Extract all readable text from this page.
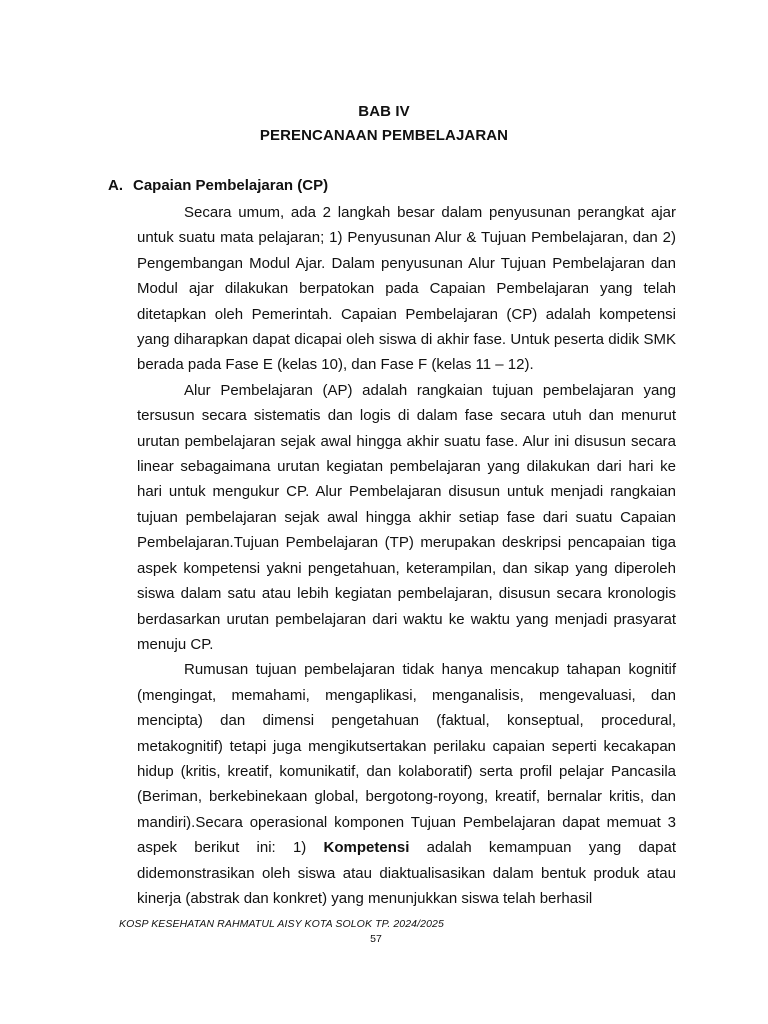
BAB IV
PERENCANAAN PEMBELAJARAN
A. Capaian Pembelajaran (CP)

Secara umum, ada 2 langkah besar dalam penyusunan perangkat ajar untuk suatu mata pelajaran; 1) Penyusunan Alur & Tujuan Pembelajaran, dan 2) Pengembangan Modul Ajar. Dalam penyusunan Alur Tujuan Pembelajaran dan Modul ajar dilakukan berpatokan pada Capaian Pembelajaran yang telah ditetapkan oleh Pemerintah. Capaian Pembelajaran (CP) adalah kompetensi yang diharapkan dapat dicapai oleh siswa di akhir fase. Untuk peserta didik SMK berada pada Fase E (kelas 10), dan Fase F (kelas 11 – 12).

Alur Pembelajaran (AP) adalah rangkaian tujuan pembelajaran yang tersusun secara sistematis dan logis di dalam fase secara utuh dan menurut urutan pembelajaran sejak awal hingga akhir suatu fase. Alur ini disusun secara linear sebagaimana urutan kegiatan pembelajaran yang dilakukan dari hari ke hari untuk mengukur CP. Alur Pembelajaran disusun untuk menjadi rangkaian tujuan pembelajaran sejak awal hingga akhir setiap fase dari suatu Capaian Pembelajaran.Tujuan Pembelajaran (TP) merupakan deskripsi pencapaian tiga aspek kompetensi yakni pengetahuan, keterampilan, dan sikap yang diperoleh siswa dalam satu atau lebih kegiatan pembelajaran, disusun secara kronologis berdasarkan urutan pembelajaran dari waktu ke waktu yang menjadi prasyarat menuju CP.

Rumusan tujuan pembelajaran tidak hanya mencakup tahapan kognitif (mengingat, memahami, mengaplikasi, menganalisis, mengevaluasi, dan mencipta) dan dimensi pengetahuan (faktual, konseptual, procedural, metakognitif) tetapi juga mengikutsertakan perilaku capaian seperti kecakapan hidup (kritis, kreatif, komunikatif, dan kolaboratif) serta profil pelajar Pancasila (Beriman, berkebinekaan global, bergotong-royong, kreatif, bernalar kritis, dan mandiri).Secara operasional komponen Tujuan Pembelajaran dapat memuat 3 aspek berikut ini: 1) Kompetensi adalah kemampuan yang dapat didemonstrasikan oleh siswa atau diaktualisasikan dalam bentuk produk atau kinerja (abstrak dan konkret) yang menunjukkan siswa telah berhasil

KOSP KESEHATAN RAHMATUL AISY KOTA SOLOK TP. 2024/2025
57
